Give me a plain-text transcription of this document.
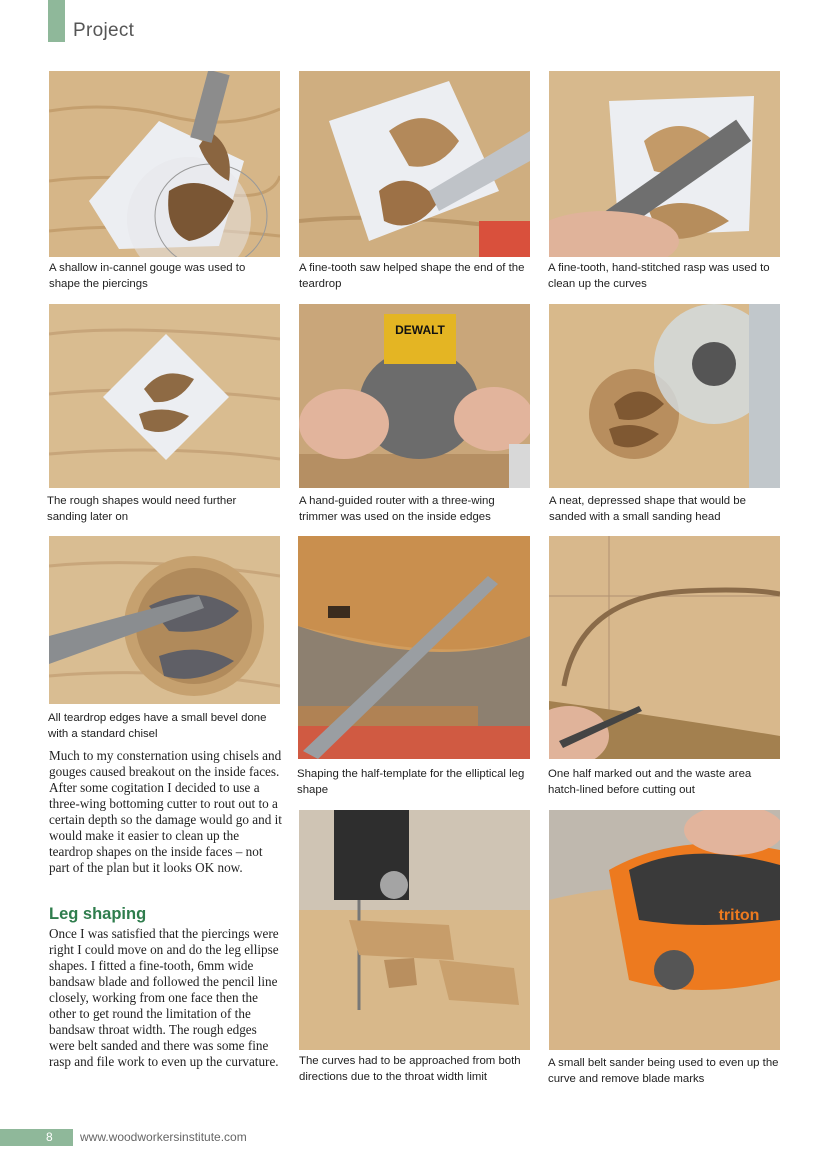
Project
A shallow in-cannel gouge was used to shape the piercings
A fine-tooth saw helped shape the end of the teardrop
A fine-tooth, hand-stitched rasp was used to clean up the curves
The rough shapes would need further sanding later on
DEWALT
A hand-guided router with a three-wing trimmer was used on the inside edges
A neat, depressed shape that would be sanded with a small sanding head
All teardrop edges have a small bevel done with a standard chisel

Much to my consternation using chisels and gouges caused breakout on the inside faces. After some cogitation I decided to use a three-wing bottoming cutter to rout out to a certain depth so the damage would go and it would make it easier to clean up the teardrop shapes on the inside faces – not part of the plan but it looks OK now.

Leg shaping

Once I was satisfied that the piercings were right I could move on and do the leg ellipse shapes. I fitted a fine-tooth, 6mm wide bandsaw blade and followed the pencil line closely, working from one face then the other to get round the limitation of the bandsaw throat width. The rough edges were belt sanded and there was some fine rasp and file work to even up the curvature.

Shaping the half-template for the elliptical leg shape
One half marked out and the waste area hatch-lined before cutting out
The curves had to be approached from both directions due to the throat width limit
triton
A small belt sander being used to even up the curve and remove blade marks
8 www.woodworkersinstitute.com
